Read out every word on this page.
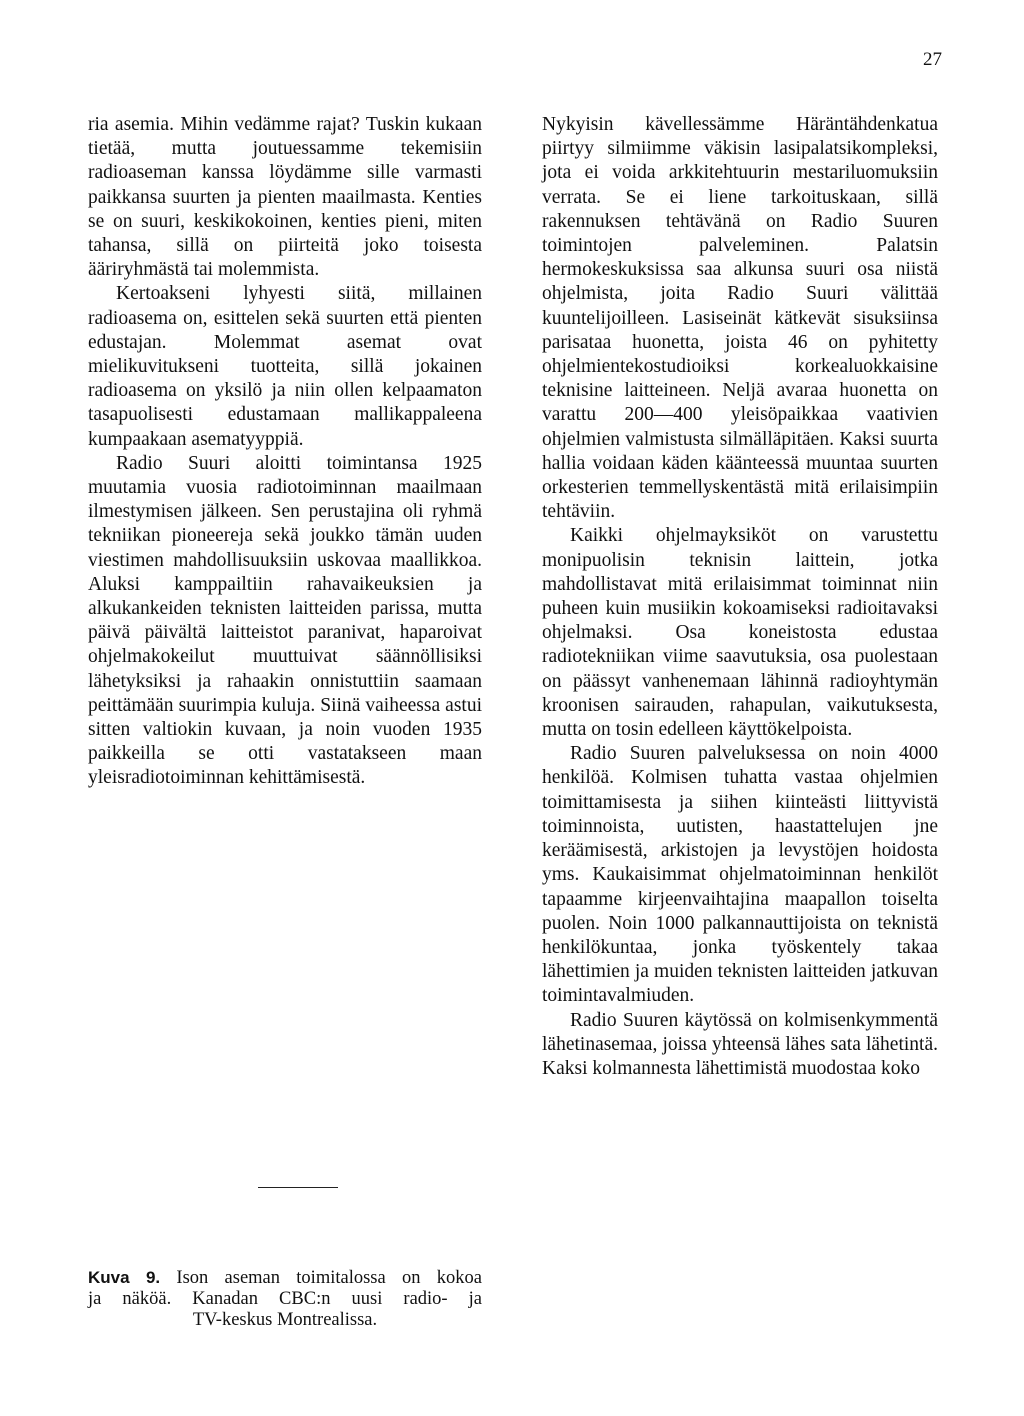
27

ria asemia. Mihin vedämme rajat? Tuskin kukaan tietää, mutta joutuessamme tekemisiin radioaseman kanssa löydämme sille varmasti paikkansa suurten ja pienten maailmasta. Kenties se on suuri, keskikokoinen, kenties pieni, miten tahansa, sillä on piirteitä joko toisesta ääriryhmästä tai molemmista.

Kertoakseni lyhyesti siitä, millainen radioasema on, esittelen sekä suurten että pienten edustajan. Molemmat asemat ovat mielikuvitukseni tuotteita, sillä jokainen radioasema on yksilö ja niin ollen kelpaamaton tasapuolisesti edustamaan mallikappaleena kumpaakaan asematyyppiä.

Radio Suuri aloitti toimintansa 1925 muutamia vuosia radiotoiminnan maailmaan ilmestymisen jälkeen. Sen perustajina oli ryhmä tekniikan pioneereja sekä joukko tämän uuden viestimen mahdollisuuksiin uskovaa maallikkoa. Aluksi kamppailtiin rahavaikeuksien ja alkukankeiden teknisten laitteiden parissa, mutta päivä päivältä laitteistot paranivat, haparoivat ohjelmakokeilut muuttuivat säännöllisiksi lähetyksiksi ja rahaakin onnistuttiin saamaan peittämään suurimpia kuluja. Siinä vaiheessa astui sitten valtiokin kuvaan, ja noin vuoden 1935 paikkeilla se otti vastatakseen maan yleisradiotoiminnan kehittämisestä.

Kuva 9. Ison aseman toimitalossa on kokoa
ja näköä. Kanadan CBC:n uusi radio- ja
TV-keskus Montrealissa.

Nykyisin kävellessämme Häräntähdenkatua piirtyy silmiimme väkisin lasipalatsikompleksi, jota ei voida arkkitehtuurin mestariluomuksiin verrata. Se ei liene tarkoituskaan, sillä rakennuksen tehtävänä on Radio Suuren toimintojen palveleminen. Palatsin hermokeskuksissa saa alkunsa suuri osa niistä ohjelmista, joita Radio Suuri välittää kuuntelijoilleen. Lasiseinät kätkevät sisuksiinsa parisataa huonetta, joista 46 on pyhitetty ohjelmientekostudioiksi korkealuokkaisine teknisine laitteineen. Neljä avaraa huonetta on varattu 200—400 yleisöpaikkaa vaativien ohjelmien valmistusta silmälläpitäen. Kaksi suurta hallia voidaan käden käänteessä muuntaa suurten orkesterien temmellyskentästä mitä erilaisimpiin tehtäviin.

Kaikki ohjelmayksiköt on varustettu monipuolisin teknisin laittein, jotka mahdollistavat mitä erilaisimmat toiminnat niin puheen kuin musiikin kokoamiseksi radioitavaksi ohjelmaksi. Osa koneistosta edustaa radiotekniikan viime saavutuksia, osa puolestaan on päässyt vanhenemaan lähinnä radioyhtymän kroonisen sairauden, rahapulan, vaikutuksesta, mutta on tosin edelleen käyttökelpoista.

Radio Suuren palveluksessa on noin 4000 henkilöä. Kolmisen tuhatta vastaa ohjelmien toimittamisesta ja siihen kiinteästi liittyvistä toiminnoista, uutisten, haastattelujen jne keräämisestä, arkistojen ja levystöjen hoidosta yms. Kaukaisimmat ohjelmatoiminnan henkilöt tapaamme kirjeenvaihtajina maapallon toiselta puolen. Noin 1000 palkannauttijoista on teknistä henkilökuntaa, jonka työskentely takaa lähettimien ja muiden teknisten laitteiden jatkuvan toimintavalmiuden.

Radio Suuren käytössä on kolmisenkymmentä lähetinasemaa, joissa yhteensä lähes sata lähetintä. Kaksi kolmannesta lähettimistä muodostaa koko
